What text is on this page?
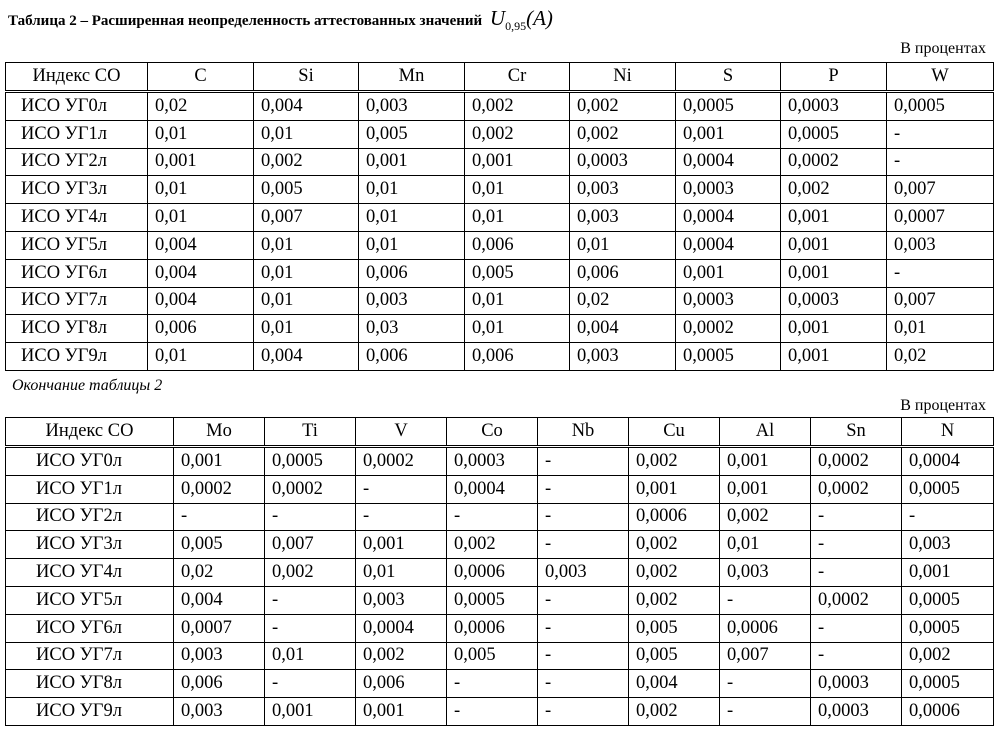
Таблица 2 – Расширенная неопределенность аттестованных значений $U_{0,95}(A)$
В процентах
Индекс СО	C	Si	Mn	Cr	Ni	S	P	W
ИСО УГ0л	0,02	0,004	0,003	0,002	0,002	0,0005	0,0003	0,0005
ИСО УГ1л	0,01	0,01	0,005	0,002	0,002	0,001	0,0005	-
ИСО УГ2л	0,001	0,002	0,001	0,001	0,0003	0,0004	0,0002	-
ИСО УГ3л	0,01	0,005	0,01	0,01	0,003	0,0003	0,002	0,007
ИСО УГ4л	0,01	0,007	0,01	0,01	0,003	0,0004	0,001	0,0007
ИСО УГ5л	0,004	0,01	0,01	0,006	0,01	0,0004	0,001	0,003
ИСО УГ6л	0,004	0,01	0,006	0,005	0,006	0,001	0,001	-
ИСО УГ7л	0,004	0,01	0,003	0,01	0,02	0,0003	0,0003	0,007
ИСО УГ8л	0,006	0,01	0,03	0,01	0,004	0,0002	0,001	0,01
ИСО УГ9л	0,01	0,004	0,006	0,006	0,003	0,0005	0,001	0,02
Окончание таблицы 2
В процентах
Индекс СО	Mo	Ti	V	Co	Nb	Cu	Al	Sn	N
ИСО УГ0л	0,001	0,0005	0,0002	0,0003	-	0,002	0,001	0,0002	0,0004
ИСО УГ1л	0,0002	0,0002	-	0,0004	-	0,001	0,001	0,0002	0,0005
ИСО УГ2л	-	-	-	-	-	0,0006	0,002	-	-
ИСО УГ3л	0,005	0,007	0,001	0,002	-	0,002	0,01	-	0,003
ИСО УГ4л	0,02	0,002	0,01	0,0006	0,003	0,002	0,003	-	0,001
ИСО УГ5л	0,004	-	0,003	0,0005	-	0,002	-	0,0002	0,0005
ИСО УГ6л	0,0007	-	0,0004	0,0006	-	0,005	0,0006	-	0,0005
ИСО УГ7л	0,003	0,01	0,002	0,005	-	0,005	0,007	-	0,002
ИСО УГ8л	0,006	-	0,006	-	-	0,004	-	0,0003	0,0005
ИСО УГ9л	0,003	0,001	0,001	-	-	0,002	-	0,0003	0,0006
